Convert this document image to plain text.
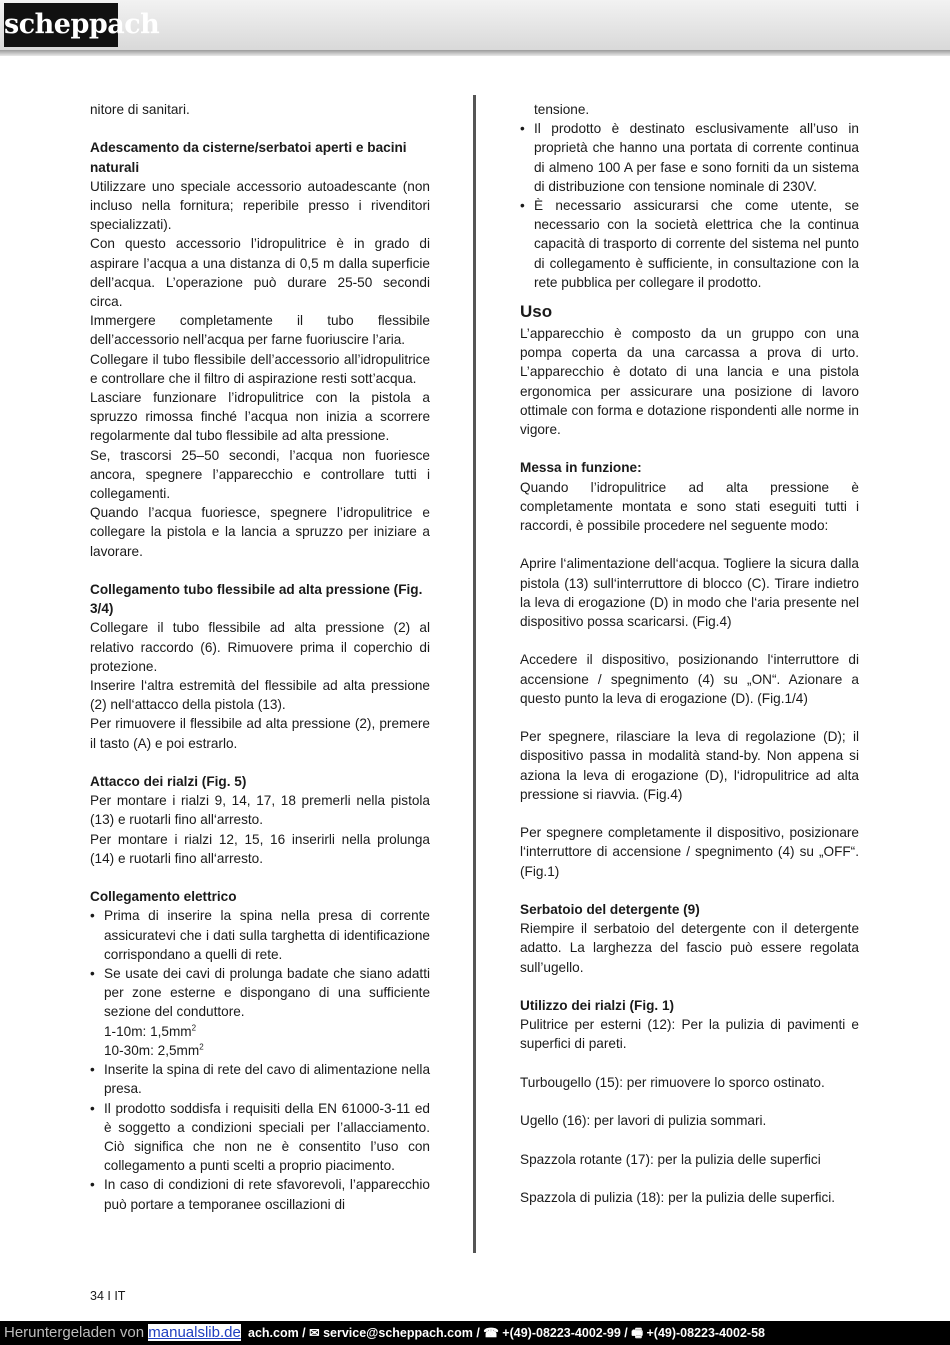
scheppach

nitore di sanitari.

Adescamento da cisterne/serbatoi aperti e bacini naturali

Utilizzare uno speciale accessorio autoadescante (non incluso nella fornitura; reperibile presso i rivenditori specializzati).

Con questo accessorio l’idropulitrice è in grado di aspirare l’acqua a una distanza di 0,5 m dalla superficie dell’acqua. L’operazione può durare 25-50 secondi circa.

Immergere completamente il tubo flessibile dell’accessorio nell’acqua per farne fuoriuscire l’aria.

Collegare il tubo flessibile dell’accessorio all’idropulitrice e controllare che il filtro di aspirazione resti sott’acqua.

Lasciare funzionare l’idropulitrice con la pistola a spruzzo rimossa finché l’acqua non inizia a scorrere regolarmente dal tubo flessibile ad alta pressione.

Se, trascorsi 25–50 secondi, l’acqua non fuoriesce ancora, spegnere l’apparecchio e controllare tutti i collegamenti.

Quando l’acqua fuoriesce, spegnere l’idropulitrice e collegare la pistola e la lancia a spruzzo per iniziare a lavorare.

Collegamento tubo flessibile ad alta pressione (Fig. 3/4)

Collegare il tubo flessibile ad alta pressione (2) al relativo raccordo (6). Rimuovere prima il coperchio di protezione.

Inserire l‘altra estremità del flessibile ad alta pressione (2) nell‘attacco della pistola (13).

Per rimuovere il flessibile ad alta pressione (2), premere il tasto (A) e poi estrarlo.

Attacco dei rialzi (Fig. 5)

Per montare i rialzi 9, 14, 17, 18 premerli nella pistola (13) e ruotarli fino all‘arresto.

Per montare i rialzi 12, 15, 16 inserirli nella prolunga (14) e ruotarli fino all‘arresto.

Collegamento elettrico
• Prima di inserire la spina nella presa di corrente assicuratevi che i dati sulla targhetta di identificazione corrispondano a quelli di rete.
• Se usate dei cavi di prolunga badate che siano adatti per zone esterne e dispongano di una sufficiente sezione del conduttore.
1-10m: $1,5mm^2$
10-30m: $2,5mm^2$
• Inserite la spina di rete del cavo di alimentazione nella presa.
• Il prodotto soddisfa i requisiti della EN 61000-3-11 ed è soggetto a condizioni speciali per l’allacciamento. Ciò significa che non ne è consentito l’uso con collegamento a punti scelti a proprio piacimento.
• In caso di condizioni di rete sfavorevoli, l’apparecchio può portare a temporanee oscillazioni di

tensione.

• Il prodotto è destinato esclusivamente all’uso in proprietà che hanno una portata di corrente continua di almeno 100 A per fase e sono forniti da un sistema di distribuzione con tensione nominale di 230V.
• È necessario assicurarsi che come utente, se necessario con la società elettrica che la continua capacità di trasporto di corrente del sistema nel punto di collegamento è sufficiente, in consultazione con la rete pubblica per collegare il prodotto.
Uso

L’apparecchio è composto da un gruppo con una pompa coperta da una carcassa a prova di urto. L’apparecchio è dotato di una lancia e una pistola ergonomica per assicurare una posizione di lavoro ottimale con forma e dotazione rispondenti alle norme in vigore.

Messa in funzione:

Quando l’idropulitrice ad alta pressione è completamente montata e sono stati eseguiti tutti i raccordi, è possibile procedere nel seguente modo:

Aprire l‘alimentazione dell‘acqua. Togliere la sicura dalla pistola (13) sull‘interruttore di blocco (C). Tirare indietro la leva di erogazione (D) in modo che l‘aria presente nel dispositivo possa scaricarsi. (Fig.4)

Accedere il dispositivo, posizionando l‘interruttore di accensione / spegnimento (4) su „ON“. Azionare a questo punto la leva di erogazione (D). (Fig.1/4)

Per spegnere, rilasciare la leva di regolazione (D); il dispositivo passa in modalità stand-by. Non appena si aziona la leva di erogazione (D), l‘idropulitrice ad alta pressione si riavvia. (Fig.4)

Per spegnere completamente il dispositivo, posizionare l‘interruttore di accensione / spegnimento (4) su „OFF“. (Fig.1)

Serbatoio del detergente (9)

Riempire il serbatoio del detergente con il detergente adatto. La larghezza del fascio può essere regolata sull’ugello.

Utilizzo dei rialzi (Fig. 1)

Pulitrice per esterni (12): Per la pulizia di pavimenti e superfici di pareti.

Turbougello (15): per rimuovere lo sporco ostinato.

Ugello (16): per lavori di pulizia sommari.

Spazzola rotante (17): per la pulizia delle superfici

Spazzola di pulizia (18): per la pulizia delle superfici.

34 I IT
Heruntergeladen von manualslib.de ach.com / ✉ service@scheppach.com / ☎ +(49)-08223-4002-99 / 🖷 +(49)-08223-4002-58
